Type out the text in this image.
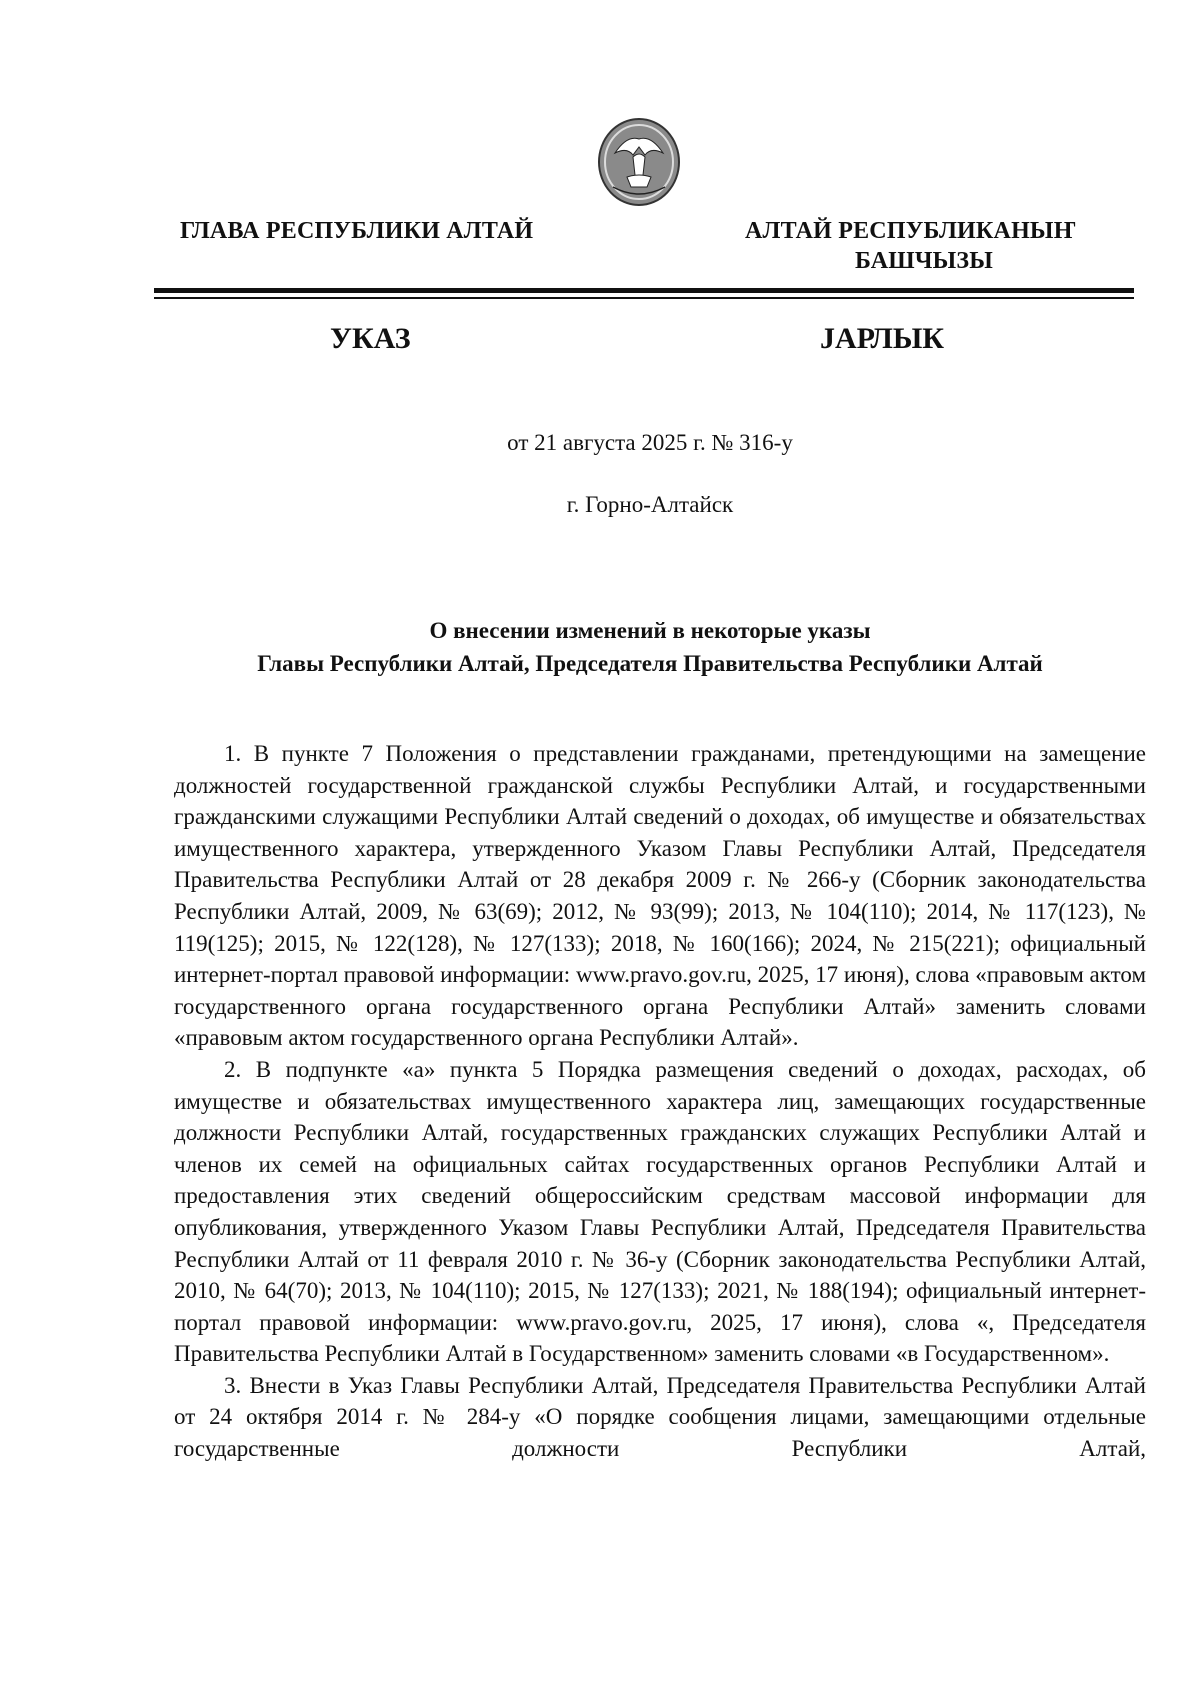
ГЛАВА РЕСПУБЛИКИ АЛТАЙ	АЛТАЙ РЕСПУБЛИКАНЫҤ
БАШЧЫЗЫ
УКАЗ	ЈАРЛЫК
от 21 августа 2025 г. № 316-у
г. Горно-Алтайск
О внесении изменений в некоторые указы
Главы Республики Алтай, Председателя Правительства Республики Алтай

1. В пункте 7 Положения о представлении гражданами, претендующими на замещение должностей государственной гражданской службы Республики Алтай, и государственными гражданскими служащими Республики Алтай сведений о доходах, об имуществе и обязательствах имущественного характера, утвержденного Указом Главы Республики Алтай, Председателя Правительства Республики Алтай от 28 декабря 2009 г. № 266-у (Сборник законодательства Республики Алтай, 2009, № 63(69); 2012, № 93(99); 2013, № 104(110); 2014, № 117(123), № 119(125); 2015, № 122(128), № 127(133); 2018, № 160(166); 2024, № 215(221); официальный интернет-портал правовой информации: www.pravo.gov.ru, 2025, 17 июня), слова «правовым актом государственного органа государственного органа Республики Алтай» заменить словами «правовым актом государственного органа Республики Алтай».

2. В подпункте «а» пункта 5 Порядка размещения сведений о доходах, расходах, об имуществе и обязательствах имущественного характера лиц, замещающих государственные должности Республики Алтай, государственных гражданских служащих Республики Алтай и членов их семей на официальных сайтах государственных органов Республики Алтай и предоставления этих сведений общероссийским средствам массовой информации для опубликования, утвержденного Указом Главы Республики Алтай, Председателя Правительства Республики Алтай от 11 февраля 2010 г. № 36-у (Сборник законодательства Республики Алтай, 2010, № 64(70); 2013, № 104(110); 2015, № 127(133); 2021, № 188(194); официальный интернет-портал правовой информации: www.pravo.gov.ru, 2025, 17 июня), слова «, Председателя Правительства Республики Алтай в Государственном» заменить словами «в Государственном».

3. Внести в Указ Главы Республики Алтай, Председателя Правительства Республики Алтай от 24 октября 2014 г. № 284-у «О порядке сообщения лицами, замещающими отдельные государственные должности Республики Алтай,
